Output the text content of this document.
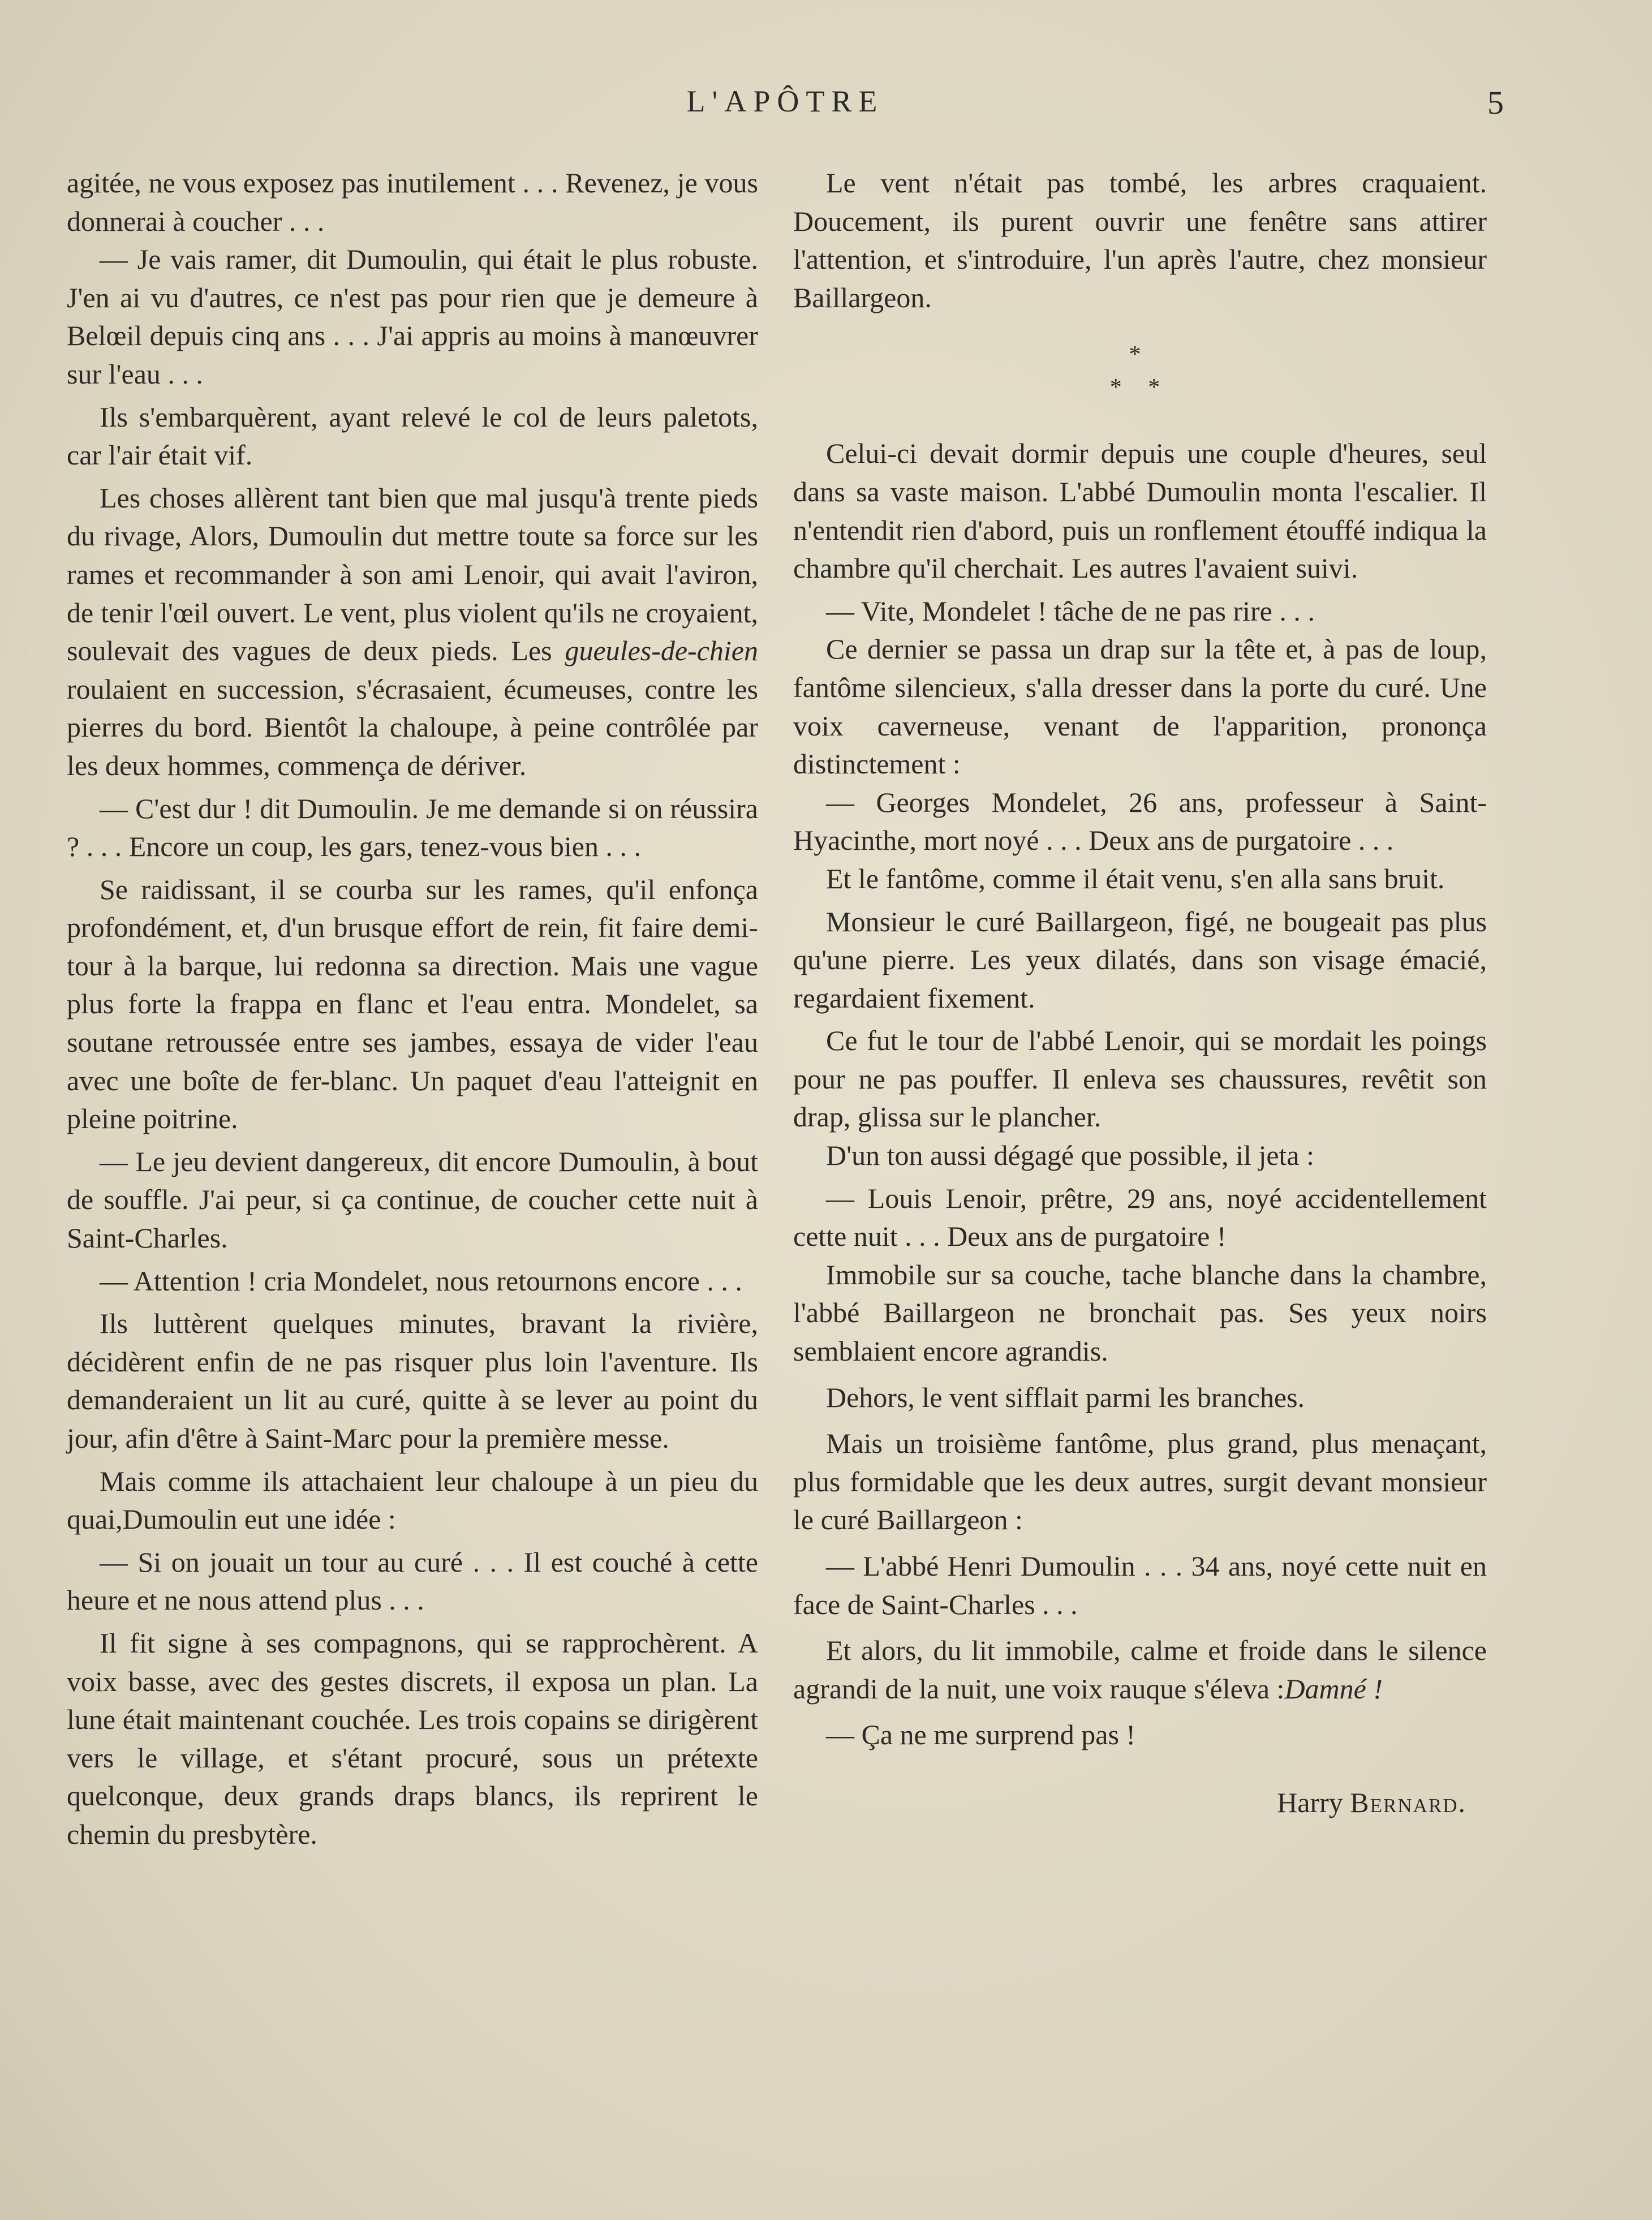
L'APÔTRE	5

agitée, ne vous exposez pas inutilement . . . Revenez, je vous donnerai à coucher . . .

— Je vais ramer, dit Dumoulin, qui était le plus robuste. J'en ai vu d'autres, ce n'est pas pour rien que je demeure à Belœil depuis cinq ans . . . J'ai appris au moins à manœuvrer sur l'eau . . .

Ils s'embarquèrent, ayant relevé le col de leurs paletots, car l'air était vif.

Les choses allèrent tant bien que mal jusqu'à trente pieds du rivage, Alors, Dumoulin dut mettre toute sa force sur les rames et recommander à son ami Lenoir, qui avait l'aviron, de tenir l'œil ouvert. Le vent, plus violent qu'ils ne croyaient, soulevait des vagues de deux pieds. Les gueules-de-chien roulaient en succession, s'écrasaient, écumeuses, contre les pierres du bord. Bientôt la chaloupe, à peine contrôlée par les deux hommes, commença de dériver.

— C'est dur ! dit Dumoulin. Je me demande si on réussira ? . . . Encore un coup, les gars, tenez-vous bien . . .

Se raidissant, il se courba sur les rames, qu'il enfonça profondément, et, d'un brusque effort de rein, fit faire demi-tour à la barque, lui redonna sa direction. Mais une vague plus forte la frappa en flanc et l'eau entra. Mondelet, sa soutane retroussée entre ses jambes, essaya de vider l'eau avec une boîte de fer-blanc. Un paquet d'eau l'atteignit en pleine poitrine.

— Le jeu devient dangereux, dit encore Dumoulin, à bout de souffle. J'ai peur, si ça continue, de coucher cette nuit à Saint-Charles.

— Attention ! cria Mondelet, nous retournons encore . . .

Ils luttèrent quelques minutes, bravant la rivière, décidèrent enfin de ne pas risquer plus loin l'aventure. Ils demanderaient un lit au curé, quitte à se lever au point du jour, afin d'être à Saint-Marc pour la première messe.

Mais comme ils attachaient leur chaloupe à un pieu du quai,Dumoulin eut une idée :

— Si on jouait un tour au curé . . . Il est couché à cette heure et ne nous attend plus . . .

Il fit signe à ses compagnons, qui se rapprochèrent. A voix basse, avec des gestes discrets, il exposa un plan. La lune était maintenant couchée. Les trois copains se dirigèrent vers le village, et s'étant procuré, sous un prétexte quelconque, deux grands draps blancs, ils reprirent le chemin du presbytère.

Le vent n'était pas tombé, les arbres craquaient. Doucement, ils purent ouvrir une fenêtre sans attirer l'attention, et s'introduire, l'un après l'autre, chez monsieur Baillargeon.

*
* *

Celui-ci devait dormir depuis une couple d'heures, seul dans sa vaste maison. L'abbé Dumoulin monta l'escalier. Il n'entendit rien d'abord, puis un ronflement étouffé indiqua la chambre qu'il cherchait. Les autres l'avaient suivi.

— Vite, Mondelet ! tâche de ne pas rire . . .

Ce dernier se passa un drap sur la tête et, à pas de loup, fantôme silencieux, s'alla dresser dans la porte du curé. Une voix caverneuse, venant de l'apparition, prononça distinctement :

— Georges Mondelet, 26 ans, professeur à Saint-Hyacinthe, mort noyé . . . Deux ans de purgatoire . . .

Et le fantôme, comme il était venu, s'en alla sans bruit.

Monsieur le curé Baillargeon, figé, ne bougeait pas plus qu'une pierre. Les yeux dilatés, dans son visage émacié, regardaient fixement.

Ce fut le tour de l'abbé Lenoir, qui se mordait les poings pour ne pas pouffer. Il enleva ses chaussures, revêtit son drap, glissa sur le plancher.

D'un ton aussi dégagé que possible, il jeta :

— Louis Lenoir, prêtre, 29 ans, noyé accidentellement cette nuit . . . Deux ans de purgatoire !

Immobile sur sa couche, tache blanche dans la chambre, l'abbé Baillargeon ne bronchait pas. Ses yeux noirs semblaient encore agrandis.

Dehors, le vent sifflait parmi les branches.

Mais un troisième fantôme, plus grand, plus menaçant, plus formidable que les deux autres, surgit devant monsieur le curé Baillargeon :

— L'abbé Henri Dumoulin . . . 34 ans, noyé cette nuit en face de Saint-Charles . . .

Et alors, du lit immobile, calme et froide dans le silence agrandi de la nuit, une voix rauque s'éleva :Damné !

— Ça ne me surprend pas !

Harry Bernard.
